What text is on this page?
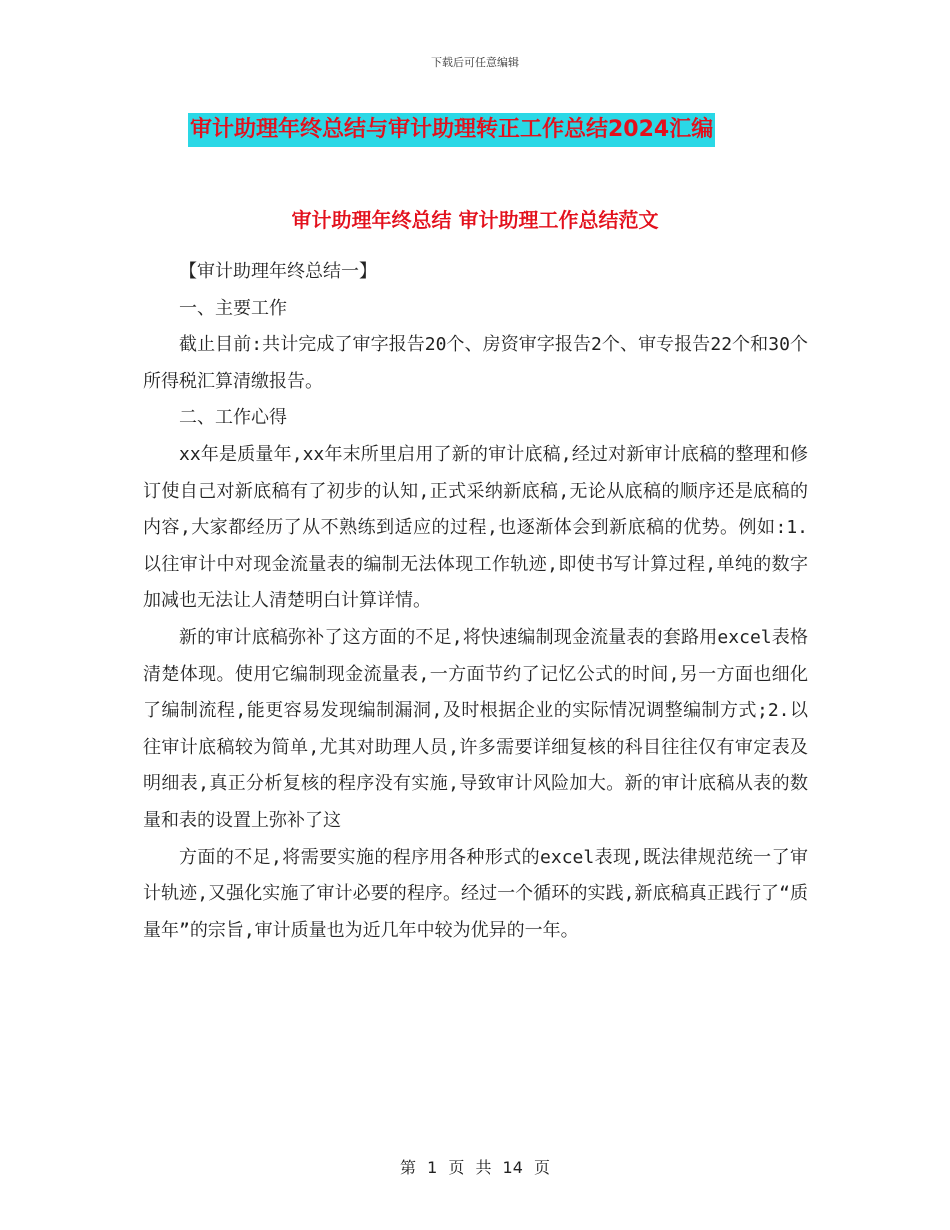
下载后可任意编辑
审计助理年终总结与审计助理转正工作总结2024汇编
审计助理年终总结 审计助理工作总结范文

【审计助理年终总结一】

一、主要工作

截止目前:共计完成了审字报告20个、房资审字报告2个、审专报告22个和30个所得税汇算清缴报告。

二、工作心得

xx年是质量年,xx年末所里启用了新的审计底稿,经过对新审计底稿的整理和修订使自己对新底稿有了初步的认知,正式采纳新底稿,无论从底稿的顺序还是底稿的内容,大家都经历了从不熟练到适应的过程,也逐渐体会到新底稿的优势。例如:1.以往审计中对现金流量表的编制无法体现工作轨迹,即使书写计算过程,单纯的数字加减也无法让人清楚明白计算详情。

新的审计底稿弥补了这方面的不足,将快速编制现金流量表的套路用excel表格清楚体现。使用它编制现金流量表,一方面节约了记忆公式的时间,另一方面也细化了编制流程,能更容易发现编制漏洞,及时根据企业的实际情况调整编制方式;2.以往审计底稿较为简单,尤其对助理人员,许多需要详细复核的科目往往仅有审定表及明细表,真正分析复核的程序没有实施,导致审计风险加大。新的审计底稿从表的数量和表的设置上弥补了这

方面的不足,将需要实施的程序用各种形式的excel表现,既法律规范统一了审计轨迹,又强化实施了审计必要的程序。经过一个循环的实践,新底稿真正践行了“质量年”的宗旨,审计质量也为近几年中较为优异的一年。

第 1 页 共 14 页
